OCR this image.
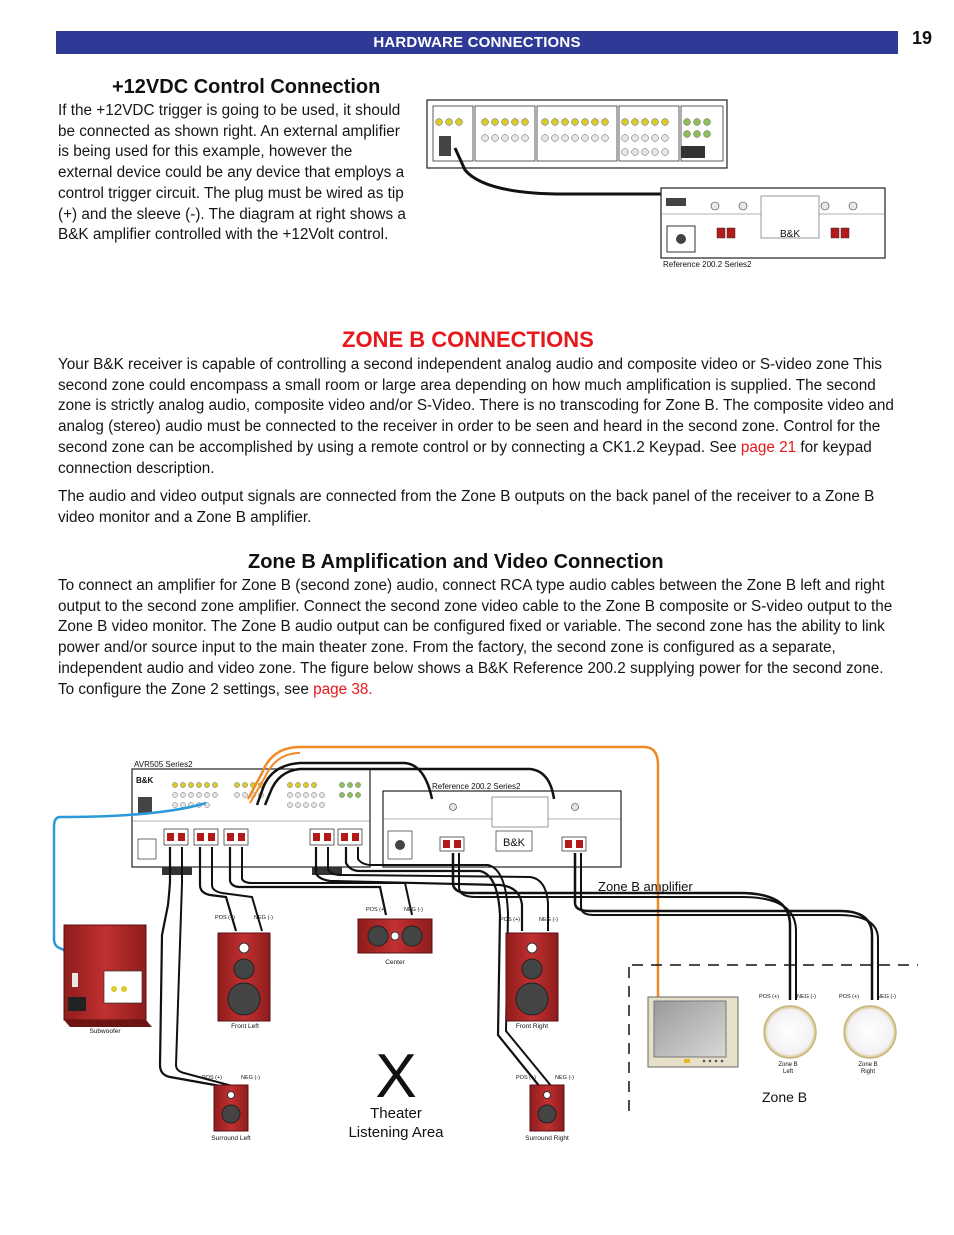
HARDWARE CONNECTIONS	19
+12VDC Control Connection

If the +12VDC trigger is going to be used, it should be connected as shown right. An external amplifier is being used for this example, however the external device could be any device that employs a control trigger circuit. The plug must be wired as tip (+) and the sleeve (-). The diagram at right shows a B&K amplifier controlled with the +12Volt control.	B&K
Reference 200.2 Series2
ZONE B CONNECTIONS

Your B&K receiver is capable of controlling a second independent analog audio and composite video or S-video zone This second zone could encompass a small room or large area depending on how much amplification is supplied. The second zone is strictly analog audio, composite video and/or S-Video. There is no transcoding for Zone B. The composite video and analog (stereo) audio must be connected to the receiver in order to be seen and heard in the second zone. Control for the second zone can be accomplished by using a remote control or by connecting a CK1.2 Keypad. See page 21 for keypad connection description.

The audio and video output signals are connected from the Zone B outputs on the back panel of the receiver to a Zone B video monitor and a Zone B amplifier.

Zone B Amplification and Video Connection

To connect an amplifier for Zone B (second zone) audio, connect RCA type audio cables between the Zone B left and right output to the second zone amplifier. Connect the second zone video cable to the Zone B composite or S-video output to the Zone B video monitor. The Zone B audio output can be configured fixed or variable. The second zone has the ability to link power and/or source input to the main theater zone. From the factory, the second zone is configured as a separate, independent audio and video zone. The figure below shows a B&K Reference 200.2 supplying power for the second zone. To configure the Zone 2 settings, see page 38.

AVR505 Series2
B&K
Reference 200.2 Series2
B&K
Zone B amplifier
Subwoofer
POS (+)	NEG (-)
Front Left
POS (+)	NEG (-)
Center
POS (+)	NEG (-)
Front Right
POS (+)	NEG (-)
Surround Left
POS (+)	NEG (-)
Surround Right
X
Theater
Listening Area
POS (+)	NEG (-)
Zone B
Left
POS (+)	NEG (-)
Zone B
Right
Zone B
